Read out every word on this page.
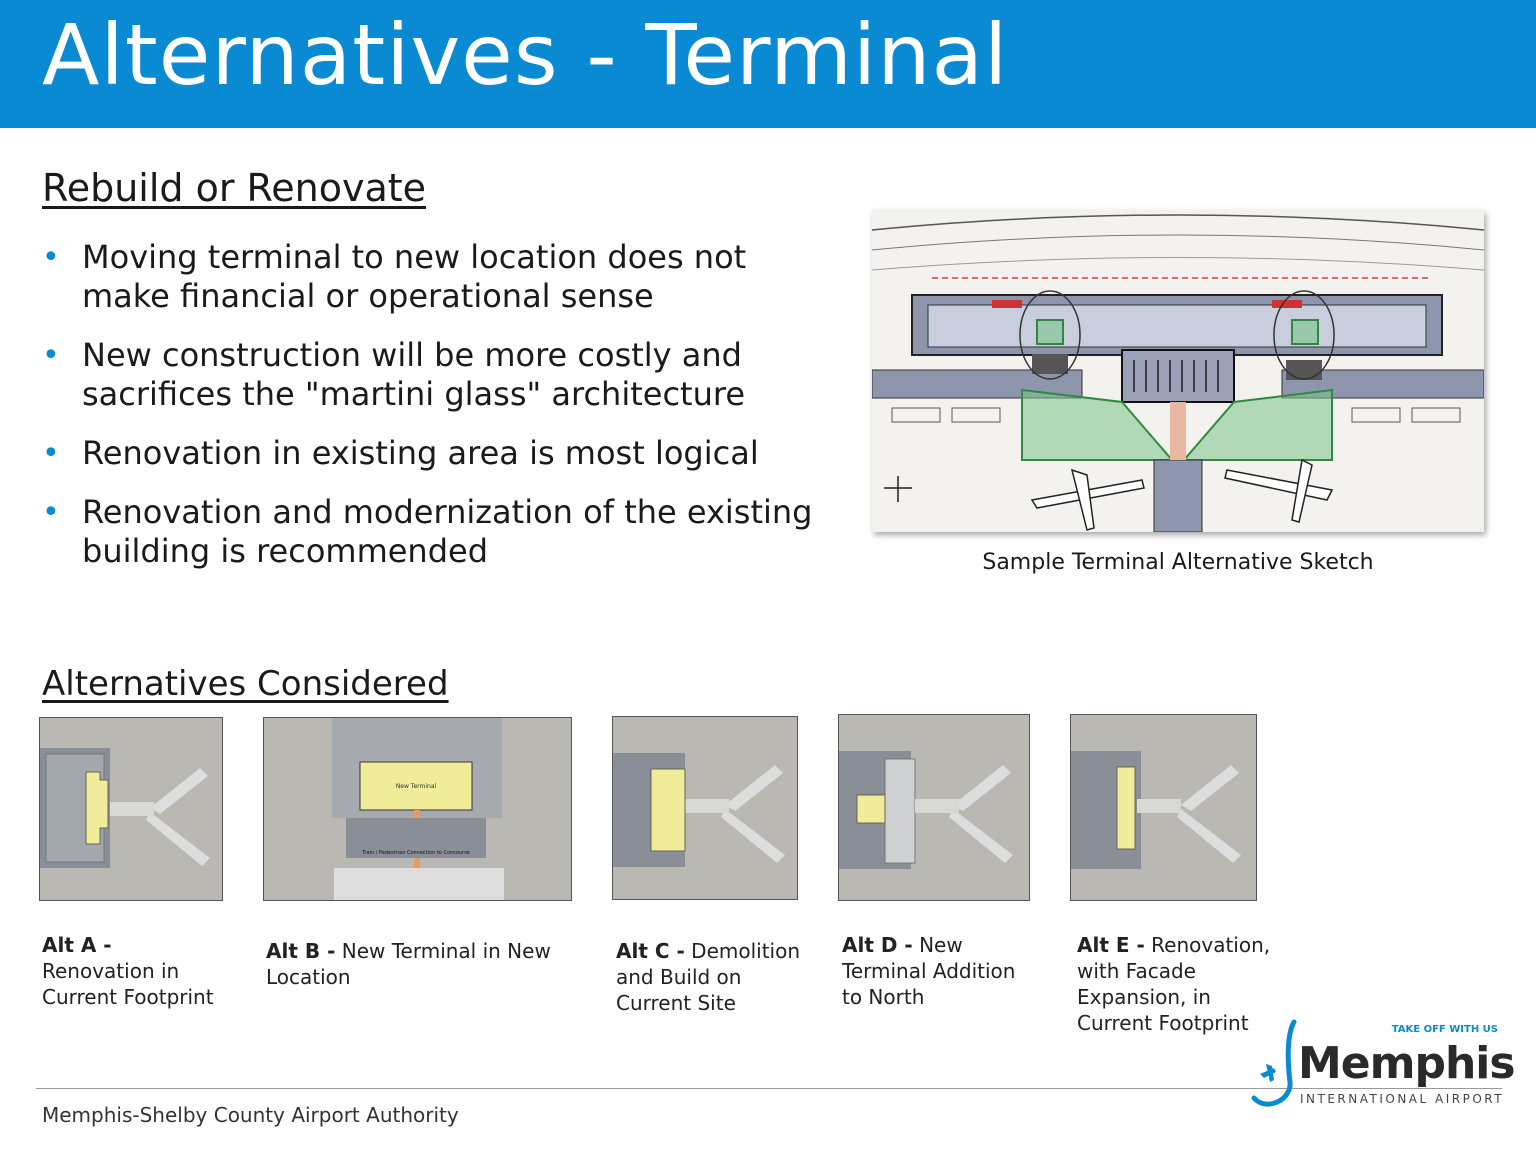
Alternatives - Terminal
Rebuild or Renovate
• Moving terminal to new location does not make financial or operational sense
• New construction will be more costly and sacrifices the "martini glass" architecture
• Renovation in existing area is most logical
• Renovation and modernization of the existing building is recommended	Sample Terminal Alternative Sketch
Alternatives Considered
New Terminal
Train / Pedestrian Connection to Concourse
Alt A -
Renovation in Current Footprint
Alt B - New Terminal in New Location
Alt C - Demolition and Build on Current Site
Alt D - New Terminal Addition to North
Alt E - Renovation, with Facade Expansion, in Current Footprint
Memphis-Shelby County Airport Authority
TAKE OFF WITH US
Memphis
INTERNATIONAL AIRPORT
